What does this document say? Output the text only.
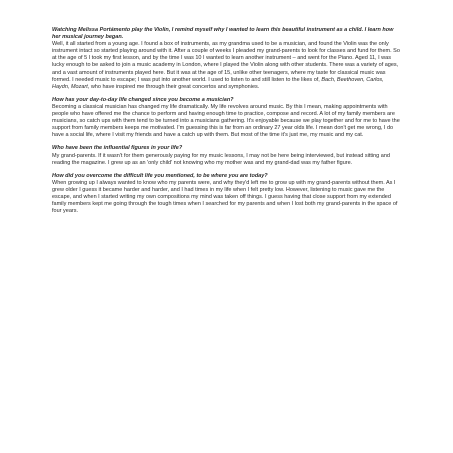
Watching Melissa Portámento play the Violin, I remind myself why I wanted to learn this beautiful instrument as a child. I learn how her musical journey began.

Well, it all started from a young age. I found a box of instruments, as my grandma used to be a musician, and found the Violin was the only instrument intact so started playing around with it. After a couple of weeks I pleaded my grand-parents to look for classes and fund for them. So at the age of 5 I took my first lesson, and by the time I was 10 I wanted to learn another instrument – and went for the Piano. Aged 11, I was lucky enough to be asked to join a music academy in London, where I played the Violin along with other students. There was a variety of ages, and a vast amount of instruments played here. But it was at the age of 15, unlike other teenagers, where my taste for classical music was formed. I needed music to escape; I was put into another world. I used to listen to and still listen to the likes of, Bach, Beethoven, Carlos, Haydn, Mozart, who have inspired me through their great concertos and symphonies.

How has your day-to-day life changed since you become a musician?

Becoming a classical musician has changed my life dramatically. My life revolves around music. By this I mean, making appointments with people who have offered me the chance to perform and having enough time to practice, compose and record. A lot of my family members are musicians, so catch ups with them tend to be turned into a musicians gathering. It's enjoyable because we play together and for me to have the support from family members keeps me motivated. I'm guessing this is far from an ordinary 27 year olds life. I mean don't get me wrong, I do have a social life, where I visit my friends and have a catch up with them. But most of the time it's just me, my music and my cat.

Who have been the influential figures in your life?

My grand-parents. If it wasn't for them generously paying for my music lessons, I may not be here being interviewed, but instead sitting and reading the magazine. I grew up as an 'only child' not knowing who my mother was and my grand-dad was my father figure.

How did you overcome the difficult life you mentioned, to be where you are today?

When growing up I always wanted to know who my parents were, and why they'd left me to grow up with my grand-parents without them. As I grew older I guess it became harder and harder, and I had times in my life when I felt pretty low. However, listening to music gave me the escape, and when I started writing my own compositions my mind was taken off things. I guess having that close support from my extended family members kept me going through the tough times when I searched for my parents and when I lost both my grand-parents in the space of four years.
